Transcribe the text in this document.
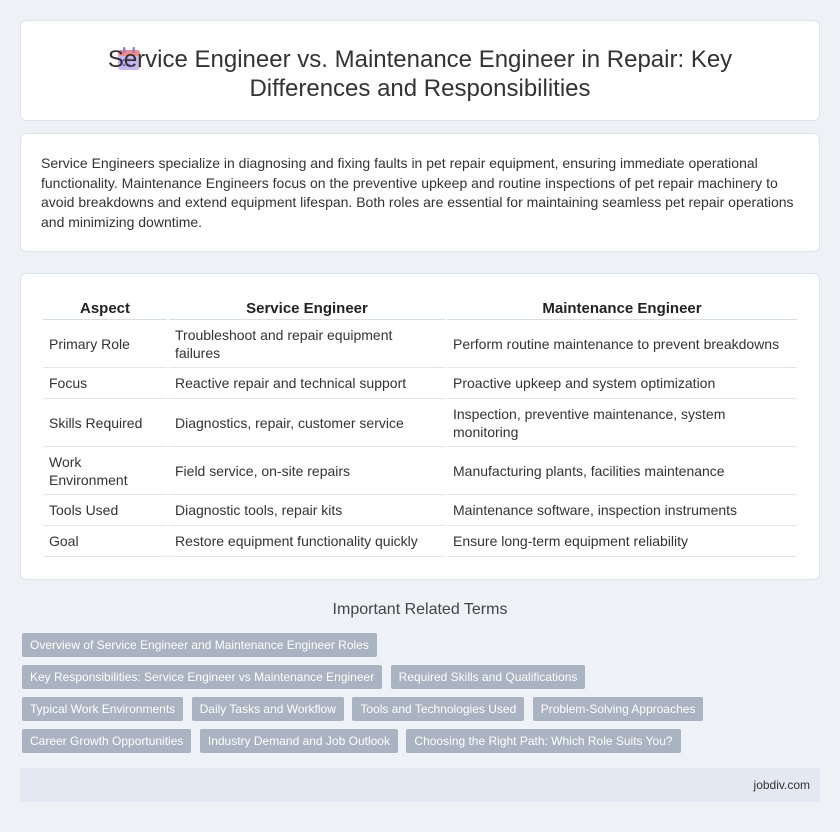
Service Engineer vs. Maintenance Engineer in Repair: Key Differences and Responsibilities

Service Engineers specialize in diagnosing and fixing faults in pet repair equipment, ensuring immediate operational functionality. Maintenance Engineers focus on the preventive upkeep and routine inspections of pet repair machinery to avoid breakdowns and extend equipment lifespan. Both roles are essential for maintaining seamless pet repair operations and minimizing downtime.

Aspect	Service Engineer	Maintenance Engineer
Primary Role	Troubleshoot and repair equipment failures	Perform routine maintenance to prevent breakdowns
Focus	Reactive repair and technical support	Proactive upkeep and system optimization
Skills Required	Diagnostics, repair, customer service	Inspection, preventive maintenance, system monitoring
Work Environment	Field service, on-site repairs	Manufacturing plants, facilities maintenance
Tools Used	Diagnostic tools, repair kits	Maintenance software, inspection instruments
Goal	Restore equipment functionality quickly	Ensure long-term equipment reliability
Important Related Terms
Overview of Service Engineer and Maintenance Engineer Roles Key Responsibilities: Service Engineer vs Maintenance Engineer Required Skills and Qualifications Typical Work Environments Daily Tasks and Workflow Tools and Technologies Used Problem-Solving Approaches Career Growth Opportunities Industry Demand and Job Outlook Choosing the Right Path: Which Role Suits You?
jobdiv.com
